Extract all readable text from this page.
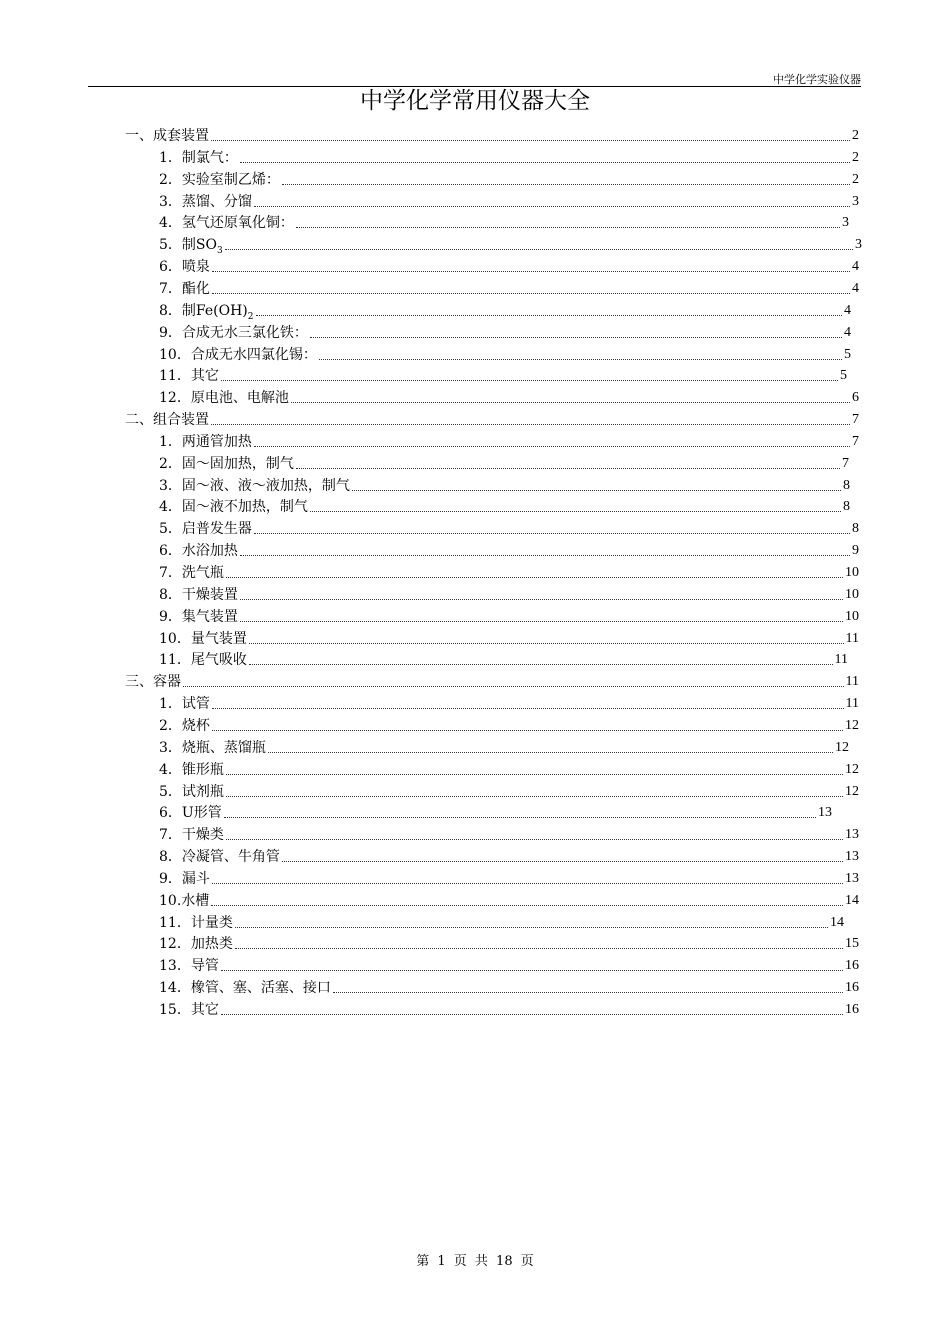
中学化学实验仪器
中学化学常用仪器大全
一、成套装置	2
1．制氯气：	2
2．实验室制乙烯：	2
3．蒸馏、分馏	3
4．氢气还原氧化铜：	3
5．制$SO_3$	3
6．喷泉	4
7．酯化	4
8．制$Fe(OH)_2$	4
9．合成无水三氯化铁：	4
10．合成无水四氯化锡：	5
11．其它	5
12．原电池、电解池	6
二、组合装置	7
1．两通管加热	7
2．固～固加热，制气	7
3．固～液、液～液加热，制气	8
4．固～液不加热，制气	8
5．启普发生器	8
6．水浴加热	9
7．洗气瓶	10
8．干燥装置	10
9．集气装置	10
10．量气装置	11
11．尾气吸收	11
三、容器	11
1．试管	11
2．烧杯	12
3．烧瓶、蒸馏瓶	12
4．锥形瓶	12
5．试剂瓶	12
6．U形管	13
7．干燥类	13
8．冷凝管、牛角管	13
9．漏斗	13
10.水槽	14
11．计量类	14
12．加热类	15
13．导管	16
14．橡管、塞、活塞、接口	16
15．其它	16
第 1 页 共 18 页
